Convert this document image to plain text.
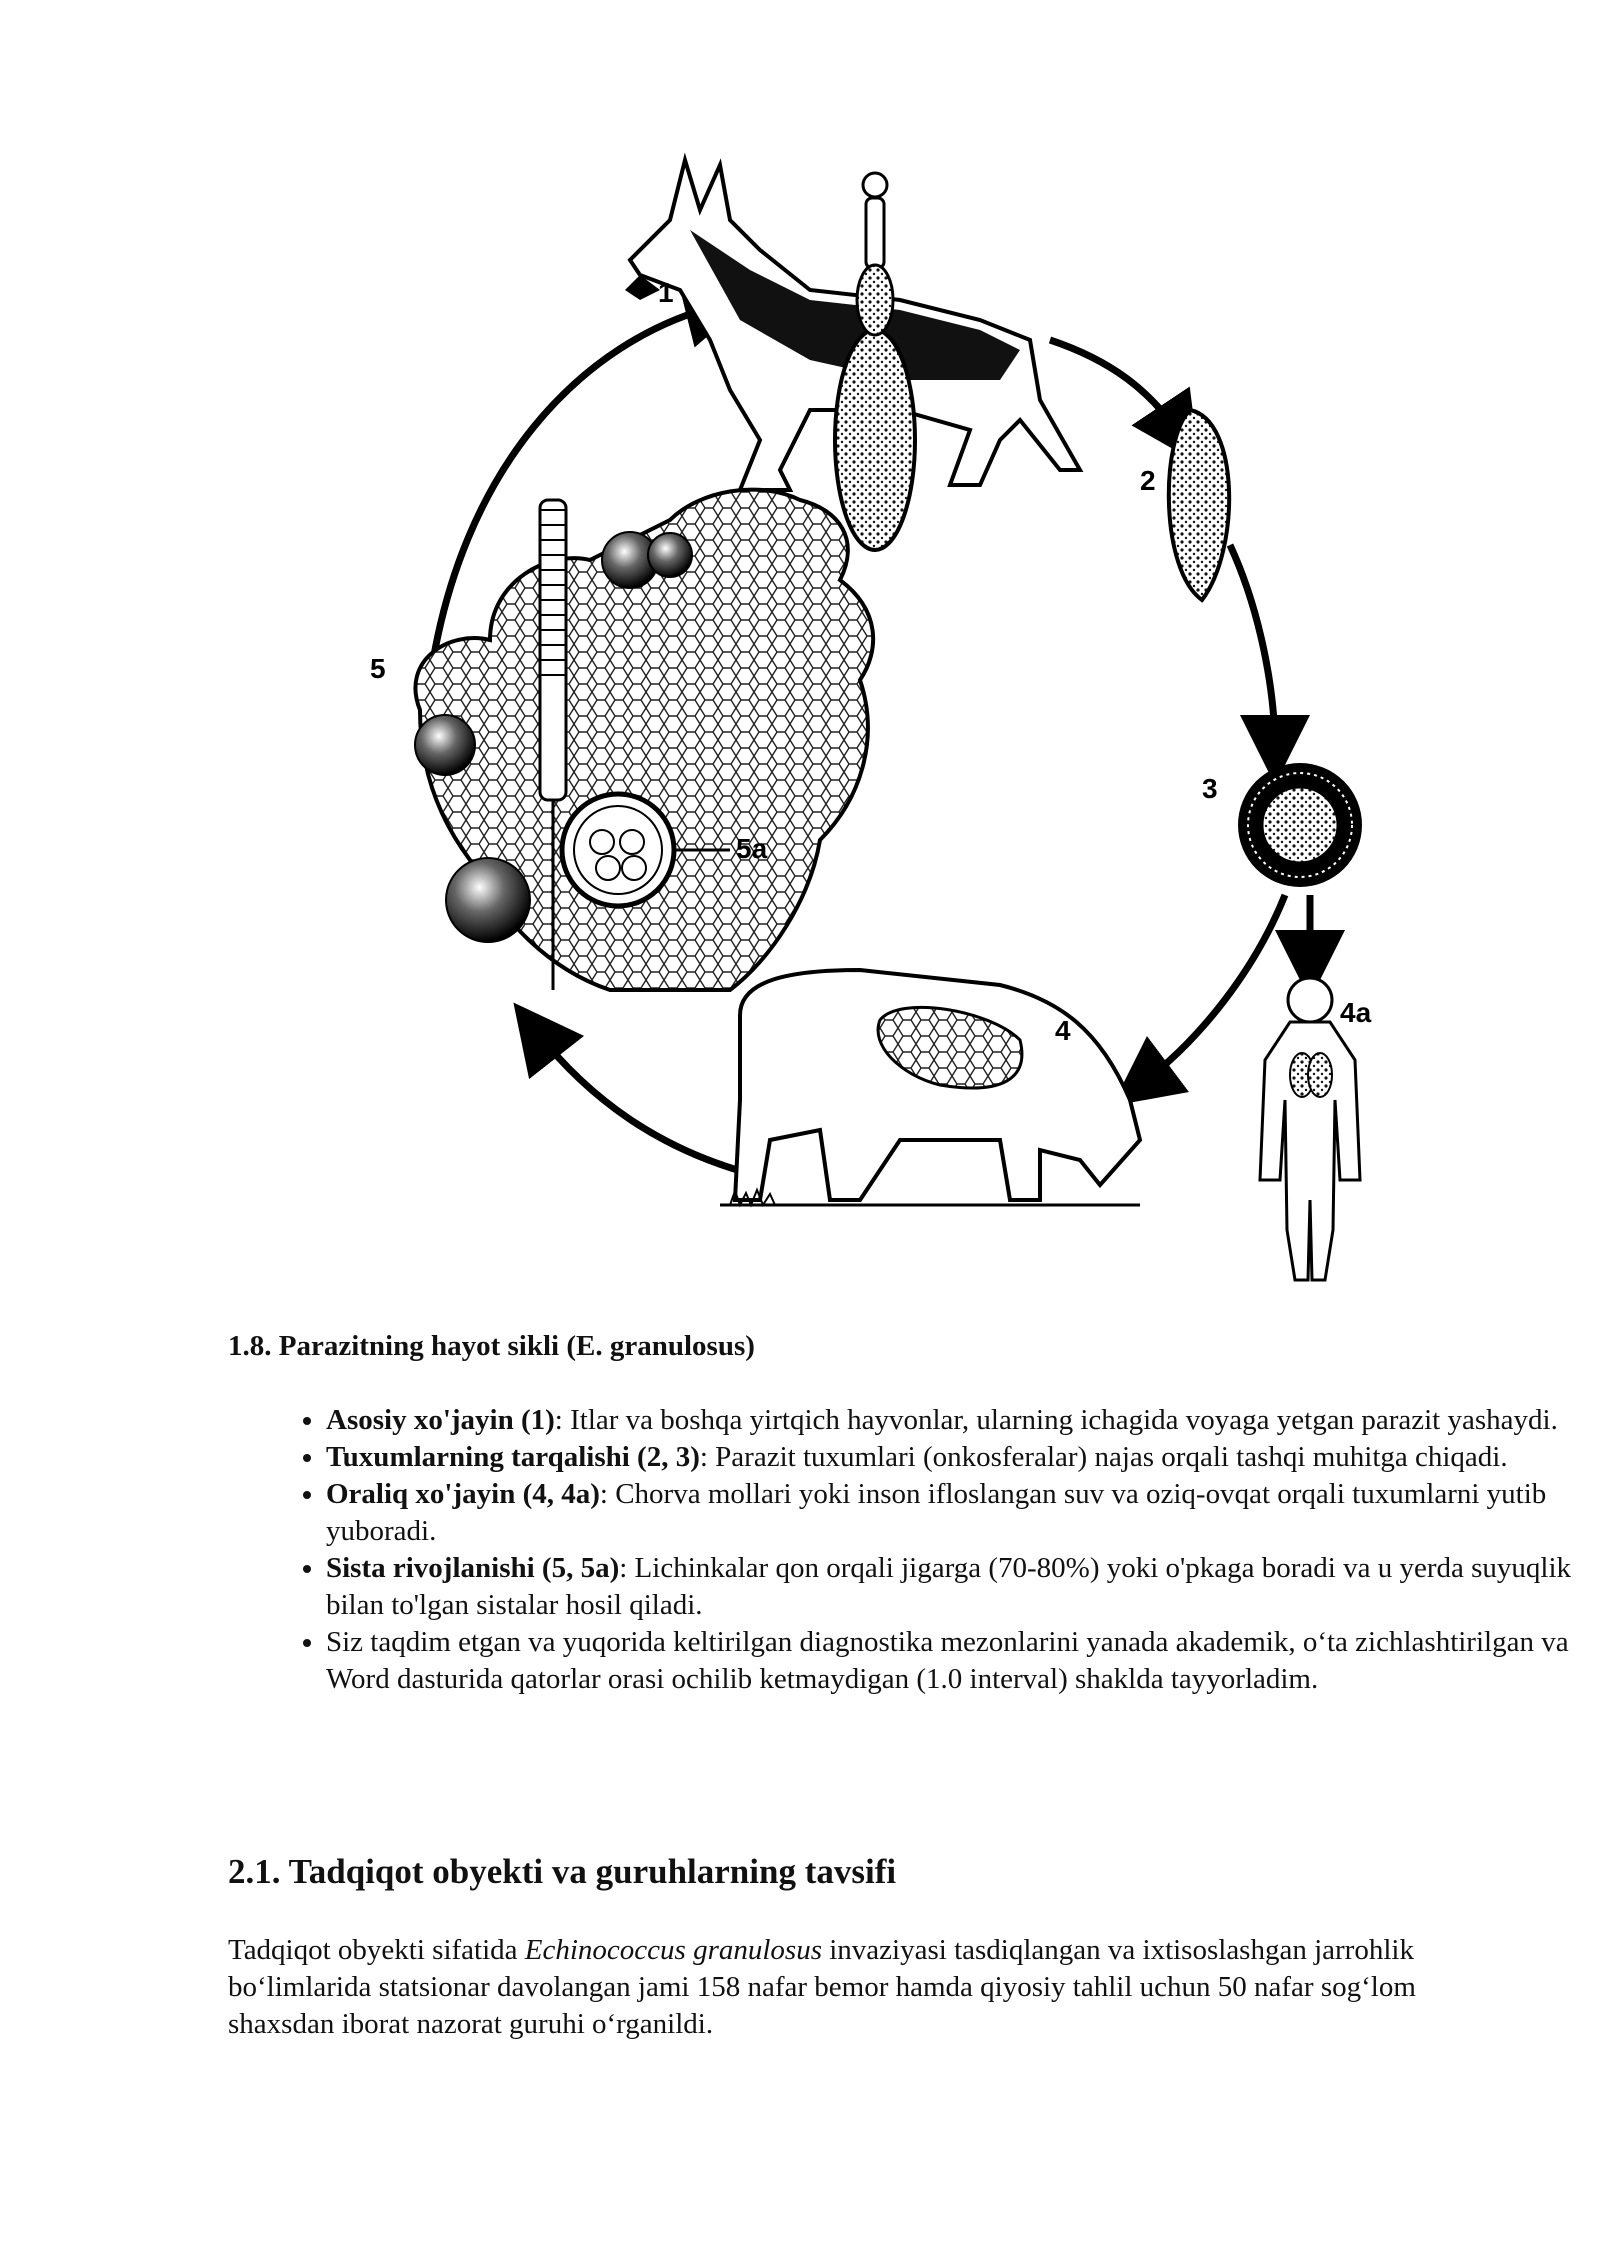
1
2
3
4
4a
5
5a

1.8. Parazitning hayot sikli (E. granulosus)

• Asosiy xo'jayin (1): Itlar va boshqa yirtqich hayvonlar, ularning ichagida voyaga yetgan parazit yashaydi.
• Tuxumlarning tarqalishi (2, 3): Parazit tuxumlari (onkosferalar) najas orqali tashqi muhitga chiqadi.
• Oraliq xo'jayin (4, 4a): Chorva mollari yoki inson ifloslangan suv va oziq-ovqat orqali tuxumlarni yutib yuboradi.
• Sista rivojlanishi (5, 5a): Lichinkalar qon orqali jigarga (70-80%) yoki o'pkaga boradi va u yerda suyuqlik bilan to'lgan sistalar hosil qiladi.
• Siz taqdim etgan va yuqorida keltirilgan diagnostika mezonlarini yanada akademik, o‘ta zichlashtirilgan va Word dasturida qatorlar orasi ochilib ketmaydigan (1.0 interval) shaklda tayyorladim.
2.1. Tadqiqot obyekti va guruhlarning tavsifi

Tadqiqot obyekti sifatida Echinococcus granulosus invaziyasi tasdiqlangan va ixtisoslashgan jarrohlik bo‘limlarida statsionar davolangan jami 158 nafar bemor hamda qiyosiy tahlil uchun 50 nafar sog‘lom shaxsdan iborat nazorat guruhi o‘rganildi.
